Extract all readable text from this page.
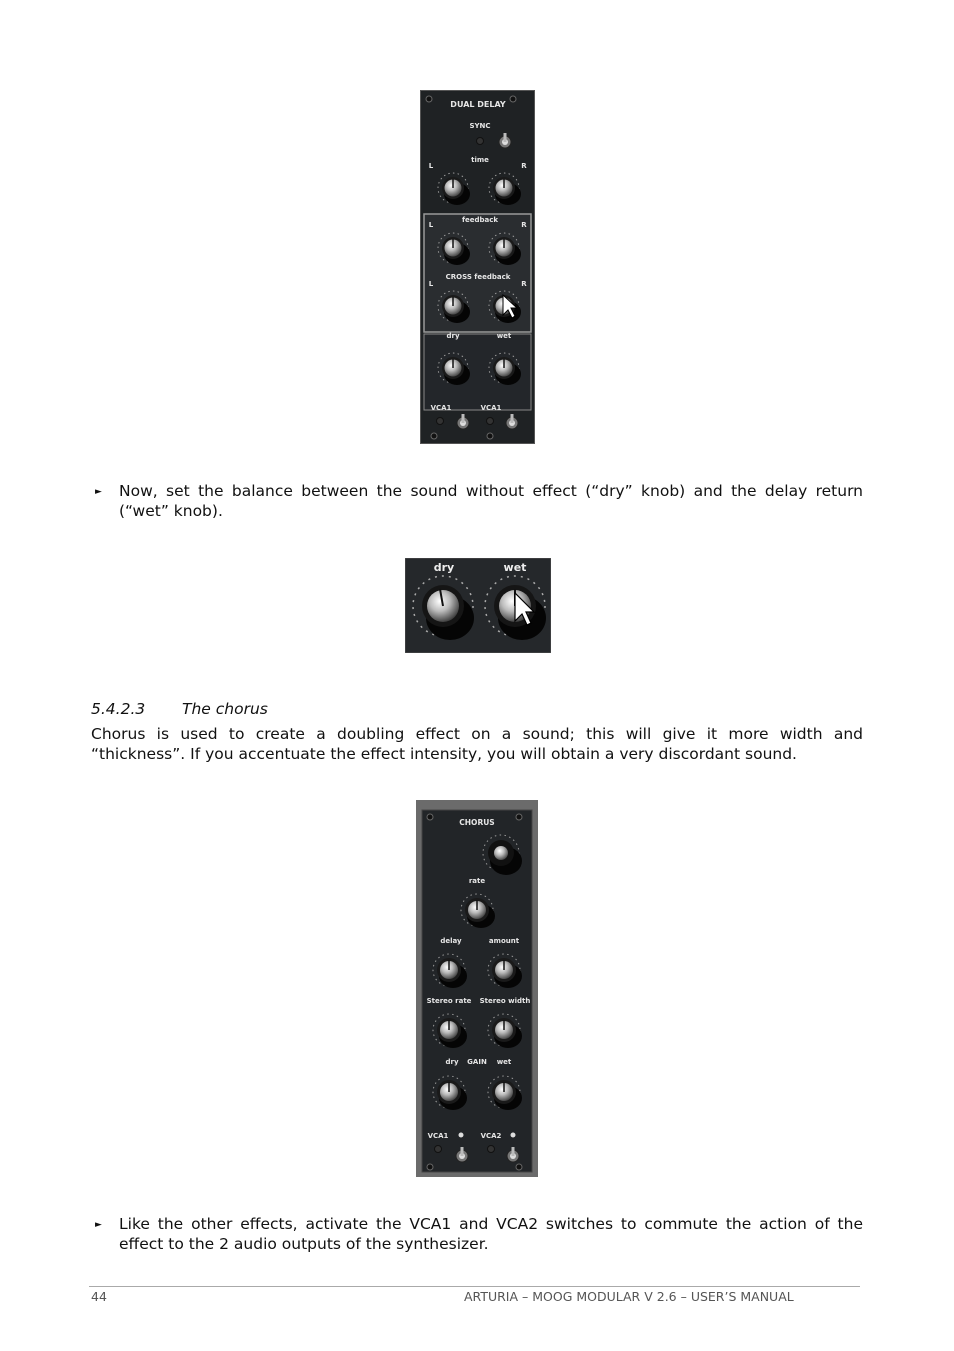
DUAL DELAY
SYNC
time
L	R
feedback
L	R
CROSS feedback
L	R
dry	wet
VCA1	VCA1
► Now, set the balance between the sound without effect (“dry” knob) and the delay return
(“wet” knob).
dry	wet
5.4.2.3 The chorus
Chorus is used to create a doubling effect on a sound; this will give it more width and
“thickness”. If you accentuate the effect intensity, you will obtain a very discordant sound.
CHORUS
rate
delay	amount
Stereo rate Stereo width
dry GAIN wet
VCA1	VCA2
► Like the other effects, activate the VCA1 and VCA2 switches to commute the action of the
effect to the 2 audio outputs of the synthesizer.
44	ARTURIA – MOOG MODULAR V 2.6 – USER’S MANUAL
